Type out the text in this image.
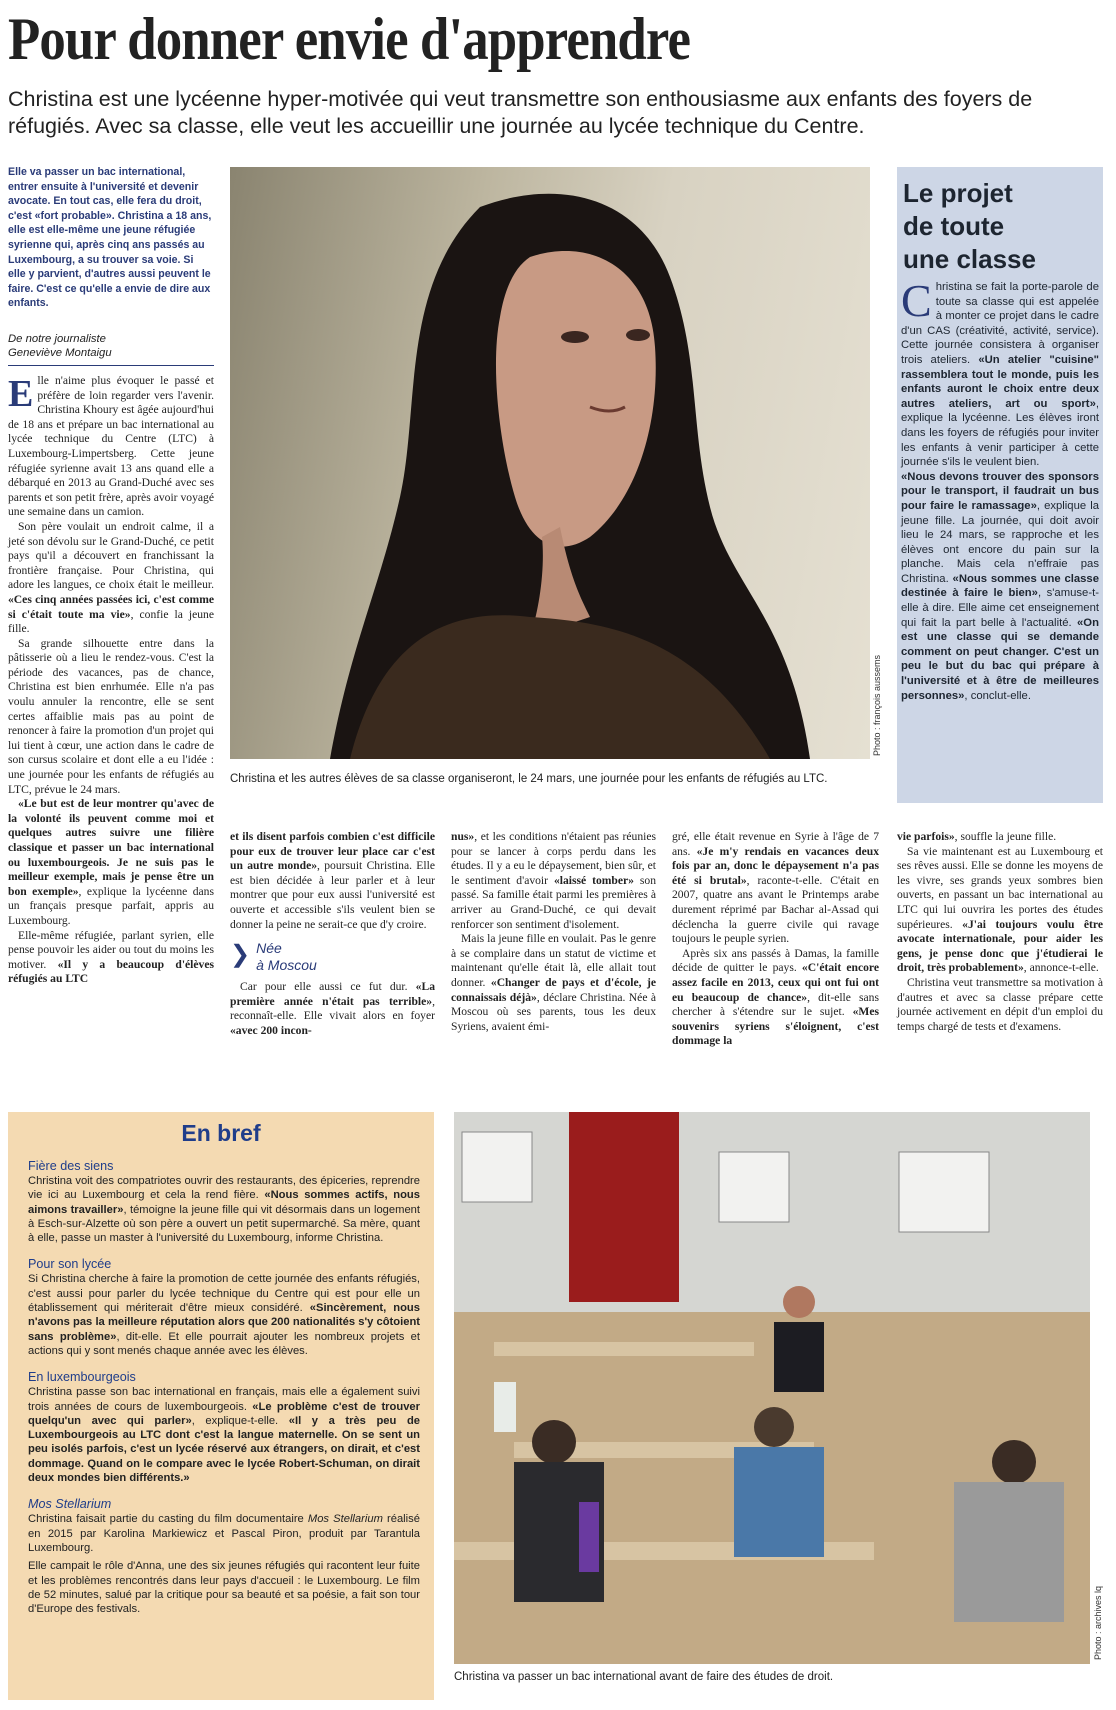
Pour donner envie d'apprendre
Christina est une lycéenne hyper-motivée qui veut transmettre son enthousiasme aux enfants des foyers de réfugiés. Avec sa classe, elle veut les accueillir une journée au lycée technique du Centre.
Elle va passer un bac international, entrer ensuite à l'université et devenir avocate. En tout cas, elle fera du droit, c'est «fort probable». Christina a 18 ans, elle est elle-même une jeune réfugiée syrienne qui, après cinq ans passés au Luxembourg, a su trouver sa voie. Si elle y parvient, d'autres aussi peuvent le faire. C'est ce qu'elle a envie de dire aux enfants.
De notre journaliste
Geneviève Montaigu

Elle n'aime plus évoquer le passé et préfère de loin regarder vers l'avenir. Christina Khoury est âgée aujourd'hui de 18 ans et prépare un bac international au lycée technique du Centre (LTC) à Luxembourg-Limpertsberg. Cette jeune réfugiée syrienne avait 13 ans quand elle a débarqué en 2013 au Grand-Duché avec ses parents et son petit frère, après avoir voyagé une semaine dans un camion.

Son père voulait un endroit calme, il a jeté son dévolu sur le Grand-Duché, ce petit pays qu'il a découvert en franchissant la frontière française. Pour Christina, qui adore les langues, ce choix était le meilleur. «Ces cinq années passées ici, c'est comme si c'était toute ma vie», confie la jeune fille.

Sa grande silhouette entre dans la pâtisserie où a lieu le rendez-vous. C'est la période des vacances, pas de chance, Christina est bien enrhumée. Elle n'a pas voulu annuler la rencontre, elle se sent certes affaiblie mais pas au point de renoncer à faire la promotion d'un projet qui lui tient à cœur, une action dans le cadre de son cursus scolaire et dont elle a eu l'idée : une journée pour les enfants de réfugiés au LTC, prévue le 24 mars.

«Le but est de leur montrer qu'avec de la volonté ils peuvent comme moi et quelques autres suivre une filière classique et passer un bac international ou luxembourgeois. Je ne suis pas le meilleur exemple, mais je pense être un bon exemple», explique la lycéenne dans un français presque parfait, appris au Luxembourg.

Elle-même réfugiée, parlant syrien, elle pense pouvoir les aider ou tout du moins les motiver. «Il y a beaucoup d'élèves réfugiés au LTC

Photo : françois aussems
Christina et les autres élèves de sa classe organiseront, le 24 mars, une journée pour les enfants de réfugiés au LTC.

et ils disent parfois combien c'est difficile pour eux de trouver leur place car c'est un autre monde», poursuit Christina. Elle est bien décidée à leur parler et à leur montrer que pour eux aussi l'université est ouverte et accessible s'ils veulent bien se donner la peine ne serait-ce que d'y croire.

❯ Née
à Moscou

Car pour elle aussi ce fut dur. «La première année n'était pas terrible», reconnaît-elle. Elle vivait alors en foyer «avec 200 incon-

nus», et les conditions n'étaient pas réunies pour se lancer à corps perdu dans les études. Il y a eu le dépaysement, bien sûr, et le sentiment d'avoir «laissé tomber» son passé. Sa famille était parmi les premières à arriver au Grand-Duché, ce qui devait renforcer son sentiment d'isolement.

Mais la jeune fille en voulait. Pas le genre à se complaire dans un statut de victime et maintenant qu'elle était là, elle allait tout donner. «Changer de pays et d'école, je connaissais déjà», déclare Christina. Née à Moscou où ses parents, tous les deux Syriens, avaient émi-

gré, elle était revenue en Syrie à l'âge de 7 ans. «Je m'y rendais en vacances deux fois par an, donc le dépaysement n'a pas été si brutal», raconte-t-elle. C'était en 2007, quatre ans avant le Printemps arabe durement réprimé par Bachar al-Assad qui déclencha la guerre civile qui ravage toujours le peuple syrien.

Après six ans passés à Damas, la famille décide de quitter le pays. «C'était encore assez facile en 2013, ceux qui ont fui ont eu beaucoup de chance», dit-elle sans chercher à s'étendre sur le sujet. «Mes souvenirs syriens s'éloignent, c'est dommage la

vie parfois», souffle la jeune fille.

Sa vie maintenant est au Luxembourg et ses rêves aussi. Elle se donne les moyens de les vivre, ses grands yeux sombres bien ouverts, en passant un bac international au LTC qui lui ouvrira les portes des études supérieures. «J'ai toujours voulu être avocate internationale, pour aider les gens, je pense donc que j'étudierai le droit, très probablement», annonce-t-elle.

Christina veut transmettre sa motivation à d'autres et avec sa classe prépare cette journée activement en dépit d'un emploi du temps chargé de tests et d'examens.

Le projet
de toute
une classe

Christina se fait la porte-parole de toute sa classe qui est appelée à monter ce projet dans le cadre d'un CAS (créativité, activité, service). Cette journée consistera à organiser trois ateliers. «Un atelier "cuisine" rassemblera tout le monde, puis les enfants auront le choix entre deux autres ateliers, art ou sport», explique la lycéenne. Les élèves iront dans les foyers de réfugiés pour inviter les enfants à venir participer à cette journée s'ils le veulent bien.

«Nous devons trouver des sponsors pour le transport, il faudrait un bus pour faire le ramassage», explique la jeune fille. La journée, qui doit avoir lieu le 24 mars, se rapproche et les élèves ont encore du pain sur la planche. Mais cela n'effraie pas Christina. «Nous sommes une classe destinée à faire le bien», s'amuse-t-elle à dire. Elle aime cet enseignement qui fait la part belle à l'actualité. «On est une classe qui se demande comment on peut changer. C'est un peu le but du bac qui prépare à l'université et à être de meilleures personnes», conclut-elle.

En bref
Fière des siens

Christina voit des compatriotes ouvrir des restaurants, des épiceries, reprendre vie ici au Luxembourg et cela la rend fière. «Nous sommes actifs, nous aimons travailler», témoigne la jeune fille qui vit désormais dans un logement à Esch-sur-Alzette où son père a ouvert un petit supermarché. Sa mère, quant à elle, passe un master à l'université du Luxembourg, informe Christina.

Pour son lycée

Si Christina cherche à faire la promotion de cette journée des enfants réfugiés, c'est aussi pour parler du lycée technique du Centre qui est pour elle un établissement qui mériterait d'être mieux considéré. «Sincèrement, nous n'avons pas la meilleure réputation alors que 200 nationalités s'y côtoient sans problème», dit-elle. Et elle pourrait ajouter les nombreux projets et actions qui y sont menés chaque année avec les élèves.

En luxembourgeois

Christina passe son bac international en français, mais elle a également suivi trois années de cours de luxembourgeois. «Le problème c'est de trouver quelqu'un avec qui parler», explique-t-elle. «Il y a très peu de Luxembourgeois au LTC dont c'est la langue maternelle. On se sent un peu isolés parfois, c'est un lycée réservé aux étrangers, on dirait, et c'est dommage. Quand on le compare avec le lycée Robert-Schuman, on dirait deux mondes bien différents.»

Mos Stellarium

Christina faisait partie du casting du film documentaire Mos Stellarium réalisé en 2015 par Karolina Markiewicz et Pascal Piron, produit par Tarantula Luxembourg.

Elle campait le rôle d'Anna, une des six jeunes réfugiés qui racontent leur fuite et les problèmes rencontrés dans leur pays d'accueil : le Luxembourg. Le film de 52 minutes, salué par la critique pour sa beauté et sa poésie, a fait son tour d'Europe des festivals.	Photo : archives lq
Christina va passer un bac international avant de faire des études de droit.
